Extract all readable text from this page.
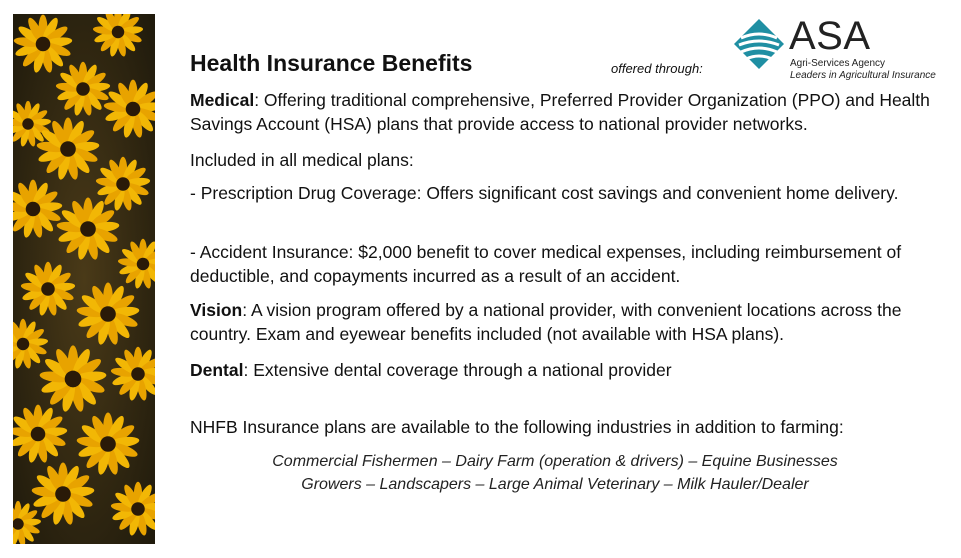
Health Insurance Benefits	offered through:
ASA
Agri-Services Agency
Leaders in Agricultural Insurance
Medical: Offering traditional comprehensive, Preferred Provider Organization (PPO) and Health Savings Account (HSA) plans that provide access to national provider networks.
Included in all medical plans:
- Prescription Drug Coverage: Offers significant cost savings and convenient home delivery.
- Accident Insurance: $2,000 benefit to cover medical expenses, including reimbursement of deductible, and copayments incurred as a result of an accident.
Vision: A vision program offered by a national provider, with convenient locations across the country. Exam and eyewear benefits included (not available with HSA plans).
Dental: Extensive dental coverage through a national provider
NHFB Insurance plans are available to the following industries in addition to farming:
Commercial Fishermen – Dairy Farm (operation & drivers) – Equine Businesses
Growers – Landscapers – Large Animal Veterinary – Milk Hauler/Dealer
